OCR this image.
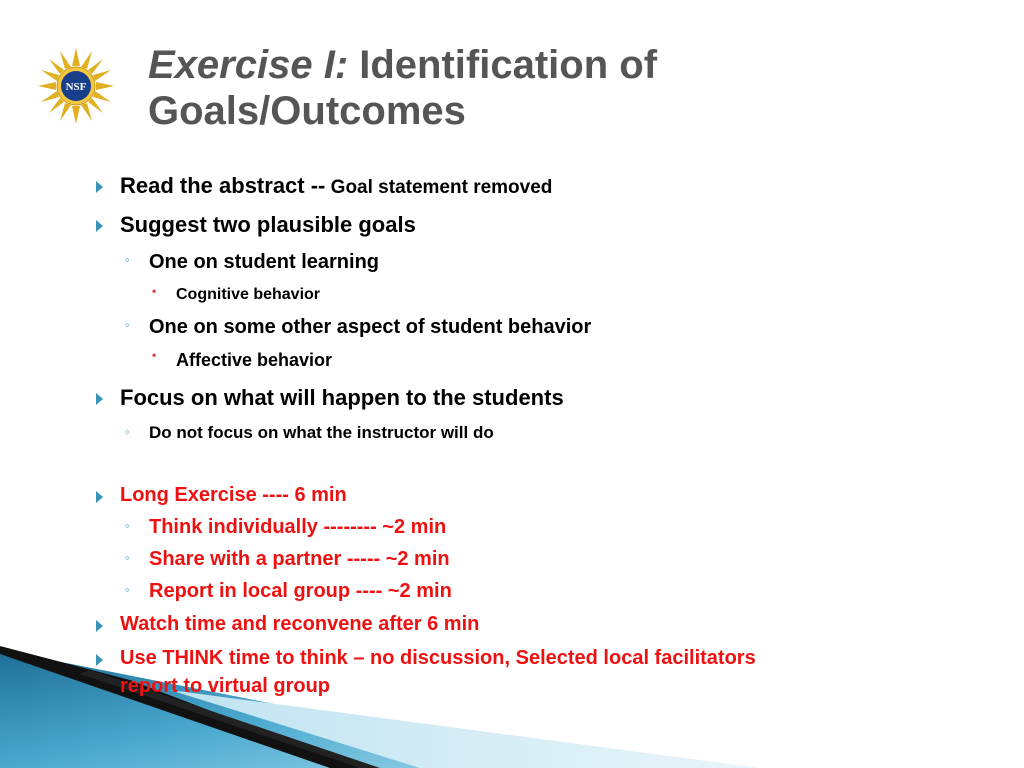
NSF Exercise I: Identification of
Goals/Outcomes
Read the abstract -- Goal statement removed
Suggest two plausible goals
◦ One on student learning
• Cognitive behavior
◦ One on some other aspect of student behavior
• Affective behavior
Focus on what will happen to the students
◦ Do not focus on what the instructor will do
Long Exercise ---- 6 min
◦ Think individually -------- ~2 min
◦ Share with a partner ----- ~2 min
◦ Report in local group ---- ~2 min
Watch time and reconvene after 6 min
Use THINK time to think – no discussion, Selected local facilitators
report to virtual group
